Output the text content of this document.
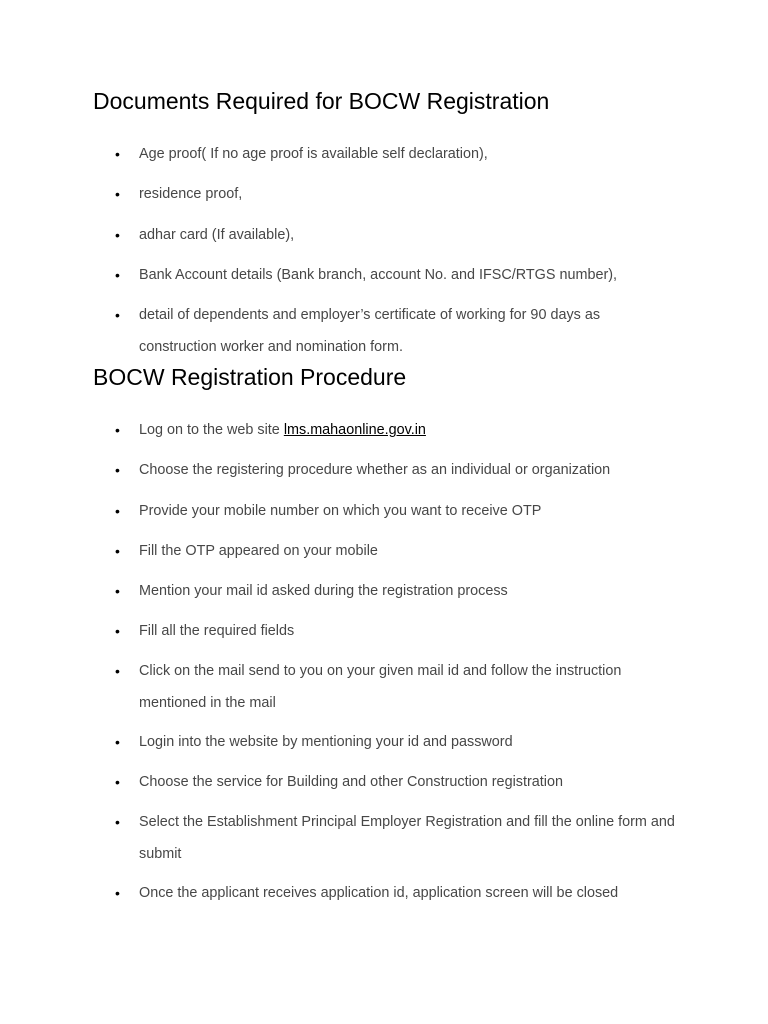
Documents Required for BOCW Registration
•	Age proof( If no age proof is available self declaration),
•	residence proof,
•	adhar card (If available),
•	Bank Account details (Bank branch, account No. and IFSC/RTGS number),
•	detail of dependents and employer’s certificate of working for 90 days as construction worker and nomination form.
BOCW Registration Procedure
•	Log on to the web site lms.mahaonline.gov.in
•	Choose the registering procedure whether as an individual or organization
•	Provide your mobile number on which you want to receive OTP
•	Fill the OTP appeared on your mobile
•	Mention your mail id asked during the registration process
•	Fill all the required fields
•	Click on the mail send to you on your given mail id and follow the instruction mentioned in the mail
•	Login into the website by mentioning your id and password
•	Choose the service for Building and other Construction registration
•	Select the Establishment Principal Employer Registration and fill the online form and submit
•	Once the applicant receives application id, application screen will be closed
